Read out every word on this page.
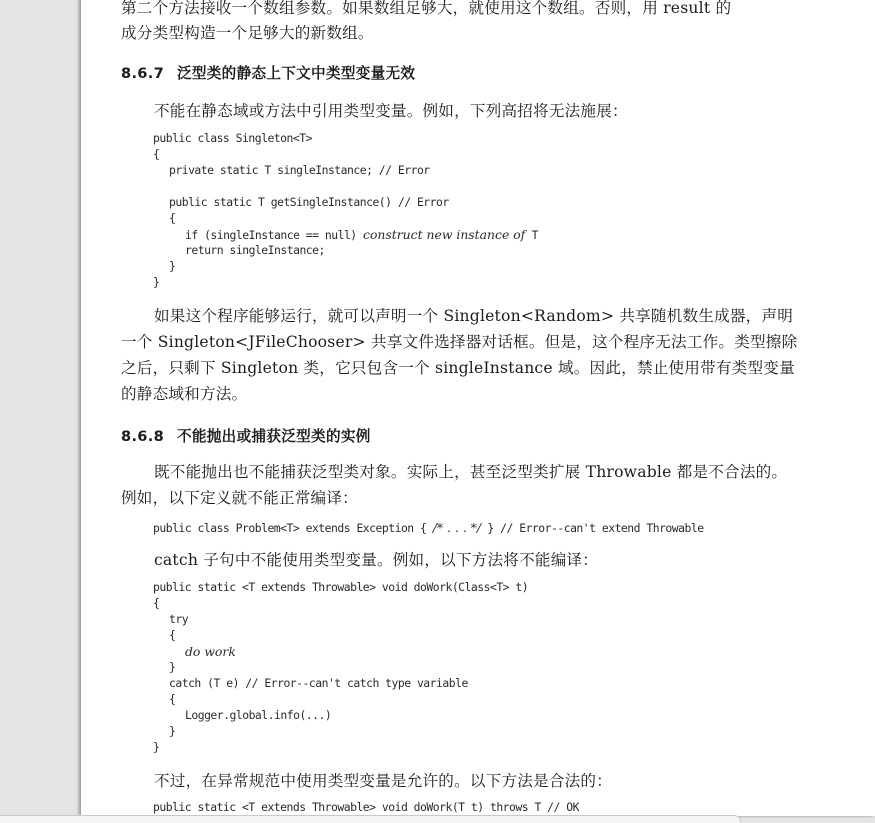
第二个方法接收一个数组参数。如果数组足够大，就使用这个数组。否则，用 result 的

成分类型构造一个足够大的新数组。

8.6.7 泛型类的静态上下文中类型变量无效

不能在静态域或方法中引用类型变量。例如，下列高招将无法施展：

public class Singleton<T>
{
private static T singleInstance; // Error
public static T getSingleInstance() // Error
{
if (singleInstance == null) construct new instance of T
return singleInstance;
}
}

如果这个程序能够运行，就可以声明一个 Singleton<Random> 共享随机数生成器，声明

一个 Singleton<JFileChooser> 共享文件选择器对话框。但是，这个程序无法工作。类型擦除

之后，只剩下 Singleton 类，它只包含一个 singleInstance 域。因此，禁止使用带有类型变量

的静态域和方法。

8.6.8 不能抛出或捕获泛型类的实例

既不能抛出也不能捕获泛型类对象。实际上，甚至泛型类扩展 Throwable 都是不合法的。

例如，以下定义就不能正常编译：

public class Problem<T> extends Exception { /* . . . */ } // Error--can't extend Throwable

catch 子句中不能使用类型变量。例如，以下方法将不能编译：

public static <T extends Throwable> void doWork(Class<T> t)
{
try
{
do work
}
catch (T e) // Error--can't catch type variable
{
Logger.global.info(...)
}
}

不过，在异常规范中使用类型变量是允许的。以下方法是合法的：

public static <T extends Throwable> void doWork(T t) throws T // OK
